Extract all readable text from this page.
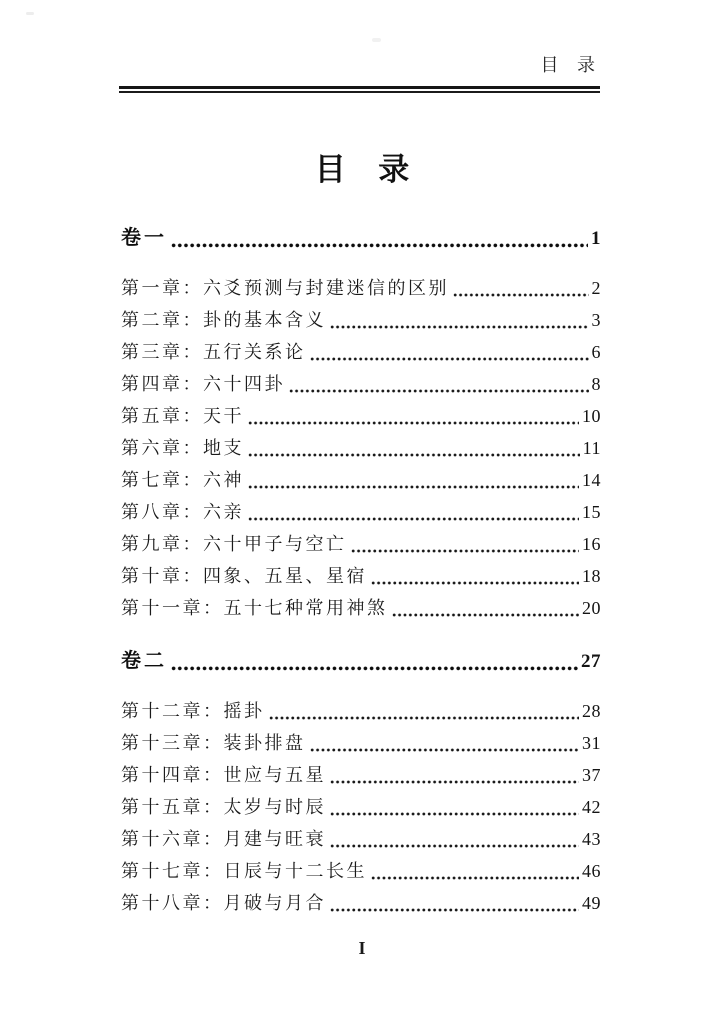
目 录
目 录
卷一	1
第一章：六爻预测与封建迷信的区别	2
第二章：卦的基本含义	3
第三章：五行关系论	6
第四章：六十四卦	8
第五章：天干	10
第六章：地支	11
第七章：六神	14
第八章：六亲	15
第九章：六十甲子与空亡	16
第十章：四象、五星、星宿	18
第十一章：五十七种常用神煞	20
卷二	27
第十二章：摇卦	28
第十三章：装卦排盘	31
第十四章：世应与五星	37
第十五章：太岁与时辰	42
第十六章：月建与旺衰	43
第十七章：日辰与十二长生	46
第十八章：月破与月合	49
I
